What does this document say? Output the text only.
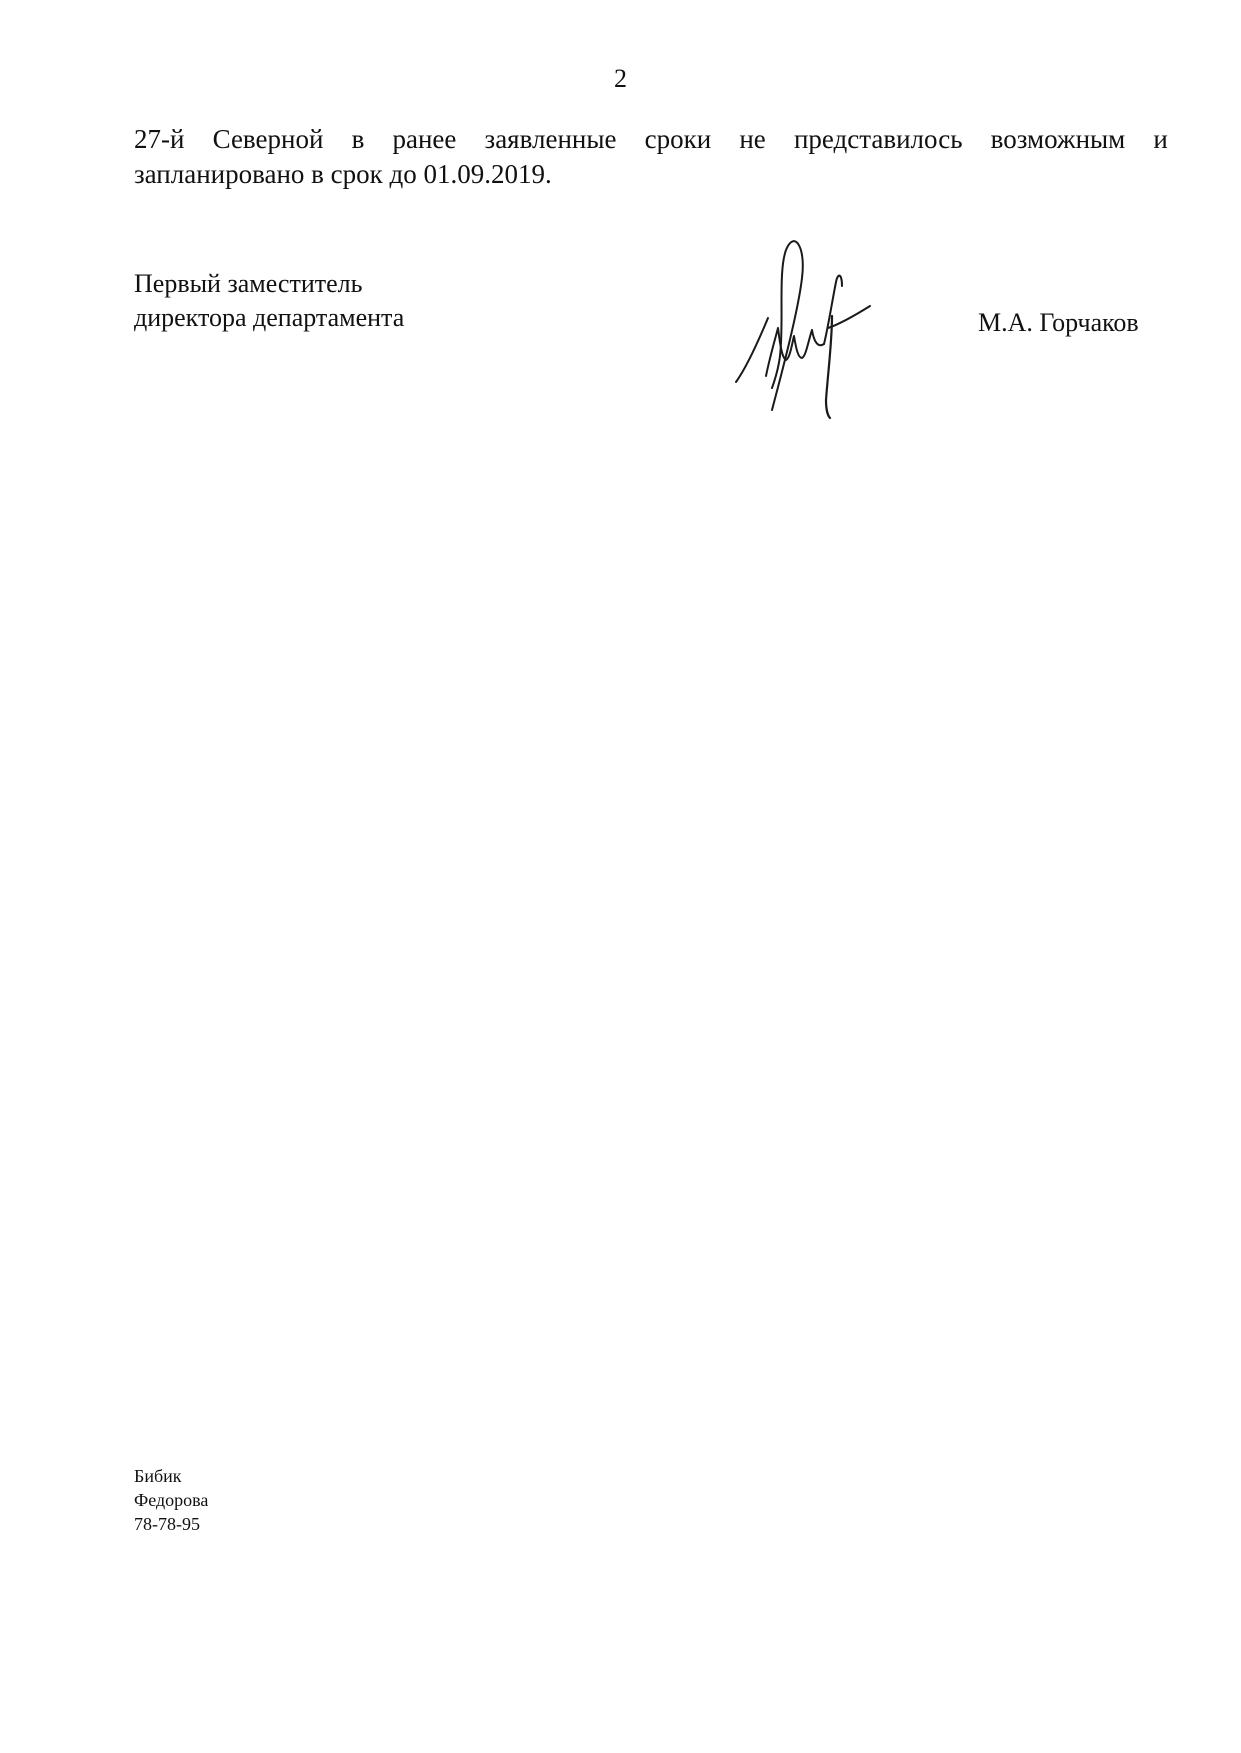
2
27-й Северной в ранее заявленные сроки не представилось возможным и
запланировано в срок до 01.09.2019.
Первый заместитель
директора департамента	М.А. Горчаков
Бибик
Федорова
78-78-95
